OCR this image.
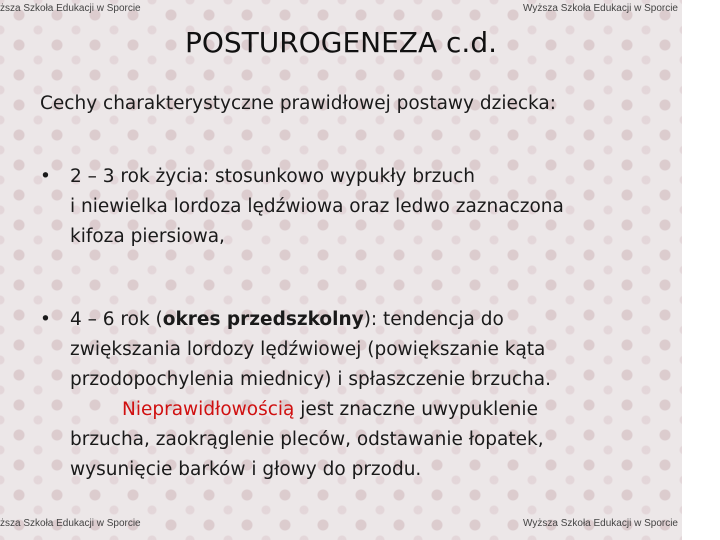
ższa Szkoła Edukacji w Sporcie	Wyższa Szkoła Edukacji w Sporcie
POSTUROGENEZA c.d.
Cechy charakterystyczne prawidłowej postawy dziecka:
• 2 – 3 rok życia: stosunkowo wypukły brzuch
i niewielka lordoza lędźwiowa oraz ledwo zaznaczona
kifoza piersiowa,
• 4 – 6 rok (okres przedszkolny): tendencja do
zwiększania lordozy lędźwiowej (powiększanie kąta
przodopochylenia miednicy) i spłaszczenie brzucha.
Nieprawidłowością jest znaczne uwypuklenie
brzucha, zaokrąglenie pleców, odstawanie łopatek,
wysunięcie barków i głowy do przodu.
ższa Szkoła Edukacji w Sporcie	Wyższa Szkoła Edukacji w Sporcie
